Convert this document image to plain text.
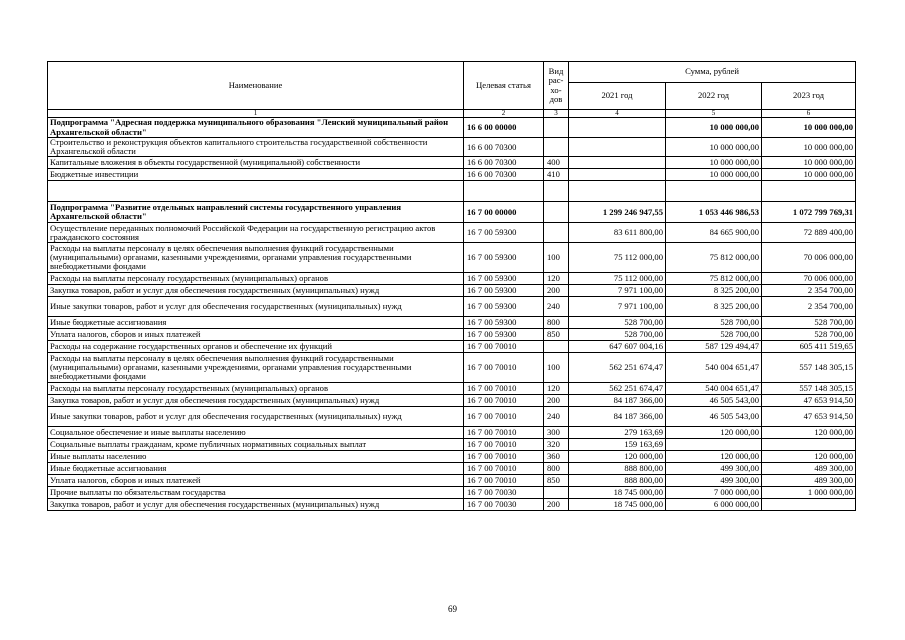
Наименование	Целевая статья	Вид рас- хо- дов	Сумма, рублей		
			2021 год	2022 год	2023 год
1	2	3	4	5	6
Подпрограмма "Адресная поддержка муниципального образования "Ленский муниципальный район Архангельской области"	16 6 00 00000			10 000 000,00	10 000 000,00
Строительство и реконструкция объектов капитального строительства государственной собственности Архангельской области	16 6 00 70300			10 000 000,00	10 000 000,00
Капитальные вложения в объекты государственной (муниципальной) собственности	16 6 00 70300	400		10 000 000,00	10 000 000,00
Бюджетные инвестиции	16 6 00 70300	410		10 000 000,00	10 000 000,00

Подпрограмма "Развитие отдельных направлений системы государственного управления Архангельской области"	16 7 00 00000		1 299 246 947,55	1 053 446 986,53	1 072 799 769,31
Осуществление переданных полномочий Российской Федерации на государственную регистрацию актов гражданского состояния	16 7 00 59300		83 611 800,00	84 665 900,00	72 889 400,00
Расходы на выплаты персоналу в целях обеспечения выполнения функций государственными (муниципальными) органами, казенными учреждениями, органами управления государственными внебюджетными фондами	16 7 00 59300	100	75 112 000,00	75 812 000,00	70 006 000,00
Расходы на выплаты персоналу государственных (муниципальных) органов	16 7 00 59300	120	75 112 000,00	75 812 000,00	70 006 000,00
Закупка товаров, работ и услуг для обеспечения государственных (муниципальных) нужд	16 7 00 59300	200	7 971 100,00	8 325 200,00	2 354 700,00
Иные закупки товаров, работ и услуг для обеспечения государственных (муниципальных) нужд	16 7 00 59300	240	7 971 100,00	8 325 200,00	2 354 700,00
Иные бюджетные ассигнования	16 7 00 59300	800	528 700,00	528 700,00	528 700,00
Уплата налогов, сборов и иных платежей	16 7 00 59300	850	528 700,00	528 700,00	528 700,00
Расходы на содержание государственных органов и обеспечение их функций	16 7 00 70010		647 607 004,16	587 129 494,47	605 411 519,65
Расходы на выплаты персоналу в целях обеспечения выполнения функций государственными (муниципальными) органами, казенными учреждениями, органами управления государственными внебюджетными фондами	16 7 00 70010	100	562 251 674,47	540 004 651,47	557 148 305,15
Расходы на выплаты персоналу государственных (муниципальных) органов	16 7 00 70010	120	562 251 674,47	540 004 651,47	557 148 305,15
Закупка товаров, работ и услуг для обеспечения государственных (муниципальных) нужд	16 7 00 70010	200	84 187 366,00	46 505 543,00	47 653 914,50
Иные закупки товаров, работ и услуг для обеспечения государственных (муниципальных) нужд	16 7 00 70010	240	84 187 366,00	46 505 543,00	47 653 914,50
Социальное обеспечение и иные выплаты населению	16 7 00 70010	300	279 163,69	120 000,00	120 000,00
Социальные выплаты гражданам, кроме публичных нормативных социальных выплат	16 7 00 70010	320	159 163,69		
Иные выплаты населению	16 7 00 70010	360	120 000,00	120 000,00	120 000,00
Иные бюджетные ассигнования	16 7 00 70010	800	888 800,00	499 300,00	489 300,00
Уплата налогов, сборов и иных платежей	16 7 00 70010	850	888 800,00	499 300,00	489 300,00
Прочие выплаты по обязательствам государства	16 7 00 70030		18 745 000,00	7 000 000,00	1 000 000,00
Закупка товаров, работ и услуг для обеспечения государственных (муниципальных) нужд	16 7 00 70030	200	18 745 000,00	6 000 000,00	
69
